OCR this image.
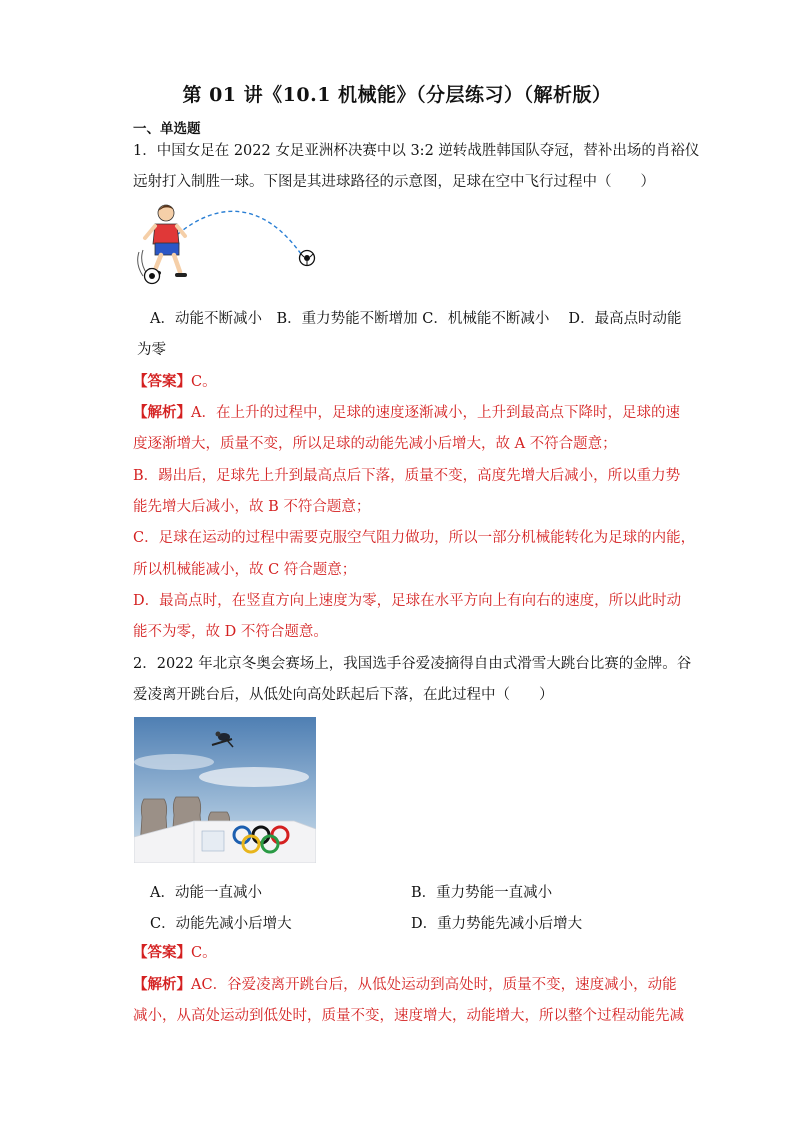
第 01 讲《10.1 机械能》（分层练习）（解析版）
一、单选题
1．中国女足在 2022 女足亚洲杯决赛中以 3:2 逆转战胜韩国队夺冠，替补出场的肖裕仪
远射打入制胜一球。下图是其进球路径的示意图，足球在空中飞行过程中（　　）
A．动能不断减小　B．重力势能不断增加 C．机械能不断减小　 D．最高点时动能
为零
【答案】C。
【解析】A．在上升的过程中，足球的速度逐渐减小，上升到最高点下降时，足球的速
度逐渐增大，质量不变，所以足球的动能先减小后增大，故 A 不符合题意；
B．踢出后，足球先上升到最高点后下落，质量不变，高度先增大后减小，所以重力势
能先增大后减小，故 B 不符合题意；
C．足球在运动的过程中需要克服空气阻力做功，所以一部分机械能转化为足球的内能，
所以机械能减小，故 C 符合题意；
D．最高点时，在竖直方向上速度为零，足球在水平方向上有向右的速度，所以此时动
能不为零，故 D 不符合题意。
2．2022 年北京冬奥会赛场上，我国选手谷爱凌摘得自由式滑雪大跳台比赛的金牌。谷
爱凌离开跳台后，从低处向高处跃起后下落，在此过程中（　　）
A．动能一直减小	B．重力势能一直减小
C．动能先减小后增大	D．重力势能先减小后增大
【答案】C。
【解析】AC．谷爱凌离开跳台后，从低处运动到高处时，质量不变，速度减小，动能
减小，从高处运动到低处时，质量不变，速度增大，动能增大，所以整个过程动能先减
